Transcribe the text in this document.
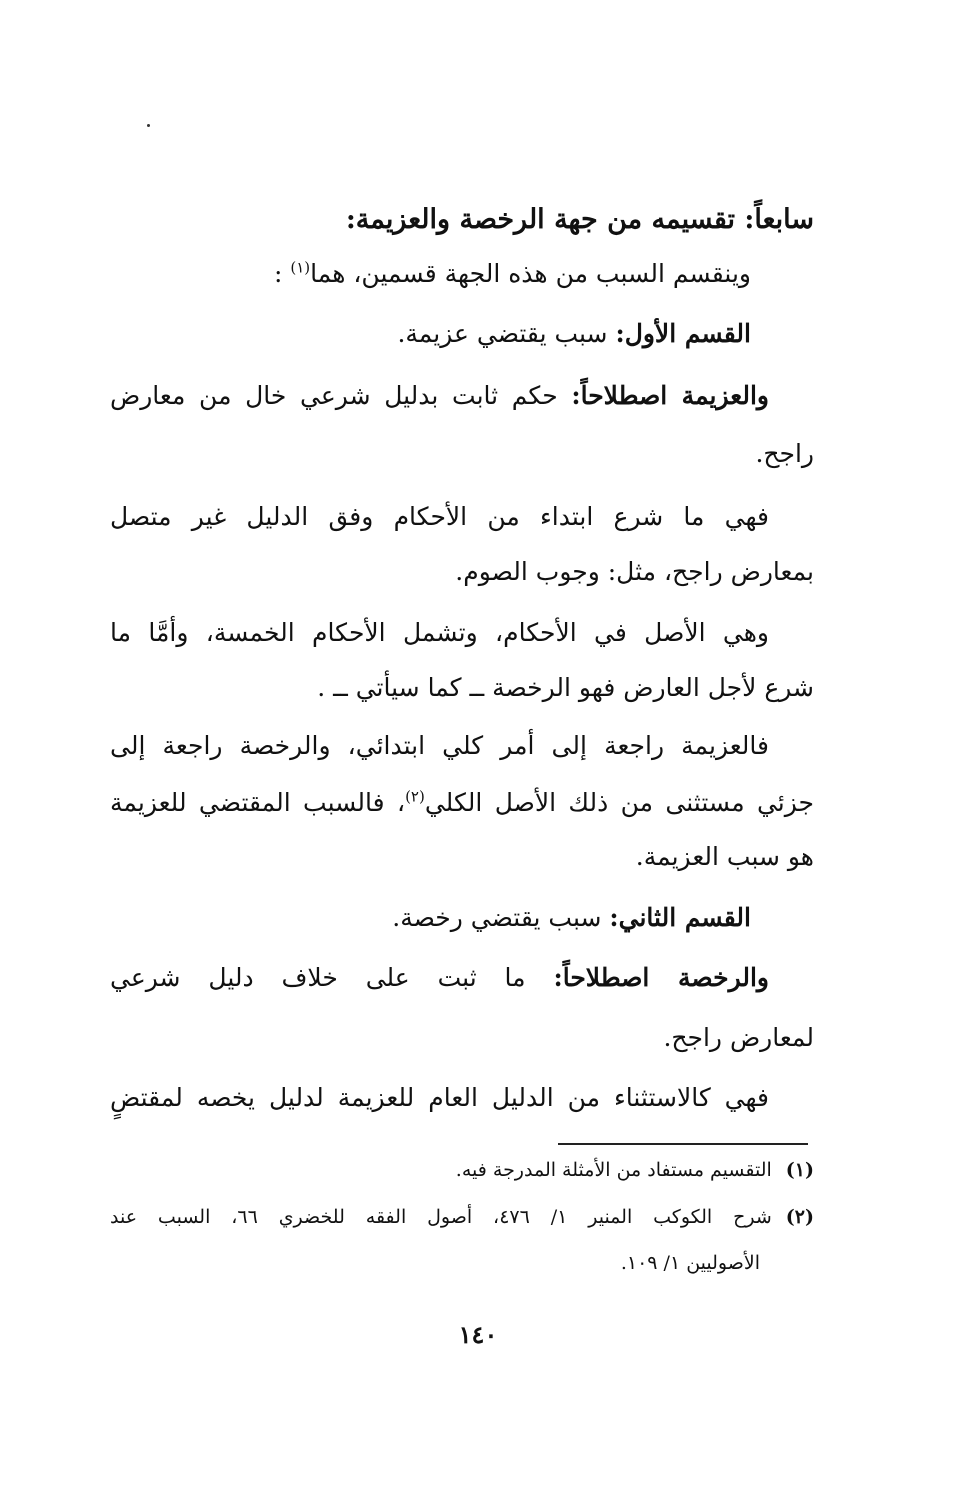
سابعاً: تقسيمه من جهة الرخصة والعزيمة:
وينقسم السبب من هذه الجهة قسمين، هما$^{(١)}$ :
القسم الأول: سبب يقتضي عزيمة.
والعزيمة اصطلاحاً: حكم ثابت بدليل شرعي خال من معارض
راجح.
فهي ما شرع ابتداء من الأحكام وفق الدليل غير متصل
بمعارض راجح، مثل: وجوب الصوم.
وهي الأصل في الأحكام، وتشمل الأحكام الخمسة، وأمَّا ما
شرع لأجل العارض فهو الرخصة ــ كما سيأتي ــ .
فالعزيمة راجعة إلى أمر كلي ابتدائي، والرخصة راجعة إلى
جزئي مستثنى من ذلك الأصل الكلي$^{(٢)}$، فالسبب المقتضي للعزيمة
هو سبب العزيمة.
القسم الثاني: سبب يقتضي رخصة.
والرخصة اصطلاحاً: ما ثبت على خلاف دليل شرعي
لمعارض راجح.
فهي كالاستثناء من الدليل العام للعزيمة لدليل يخصه لمقتضٍ
(١)التقسيم مستفاد من الأمثلة المدرجة فيه.
(٢)شرح الكوكب المنير ١/ ٤٧٦، أصول الفقه للخضري ٦٦، السبب عند
الأصوليين ١/ ١٠٩.
١٤٠
